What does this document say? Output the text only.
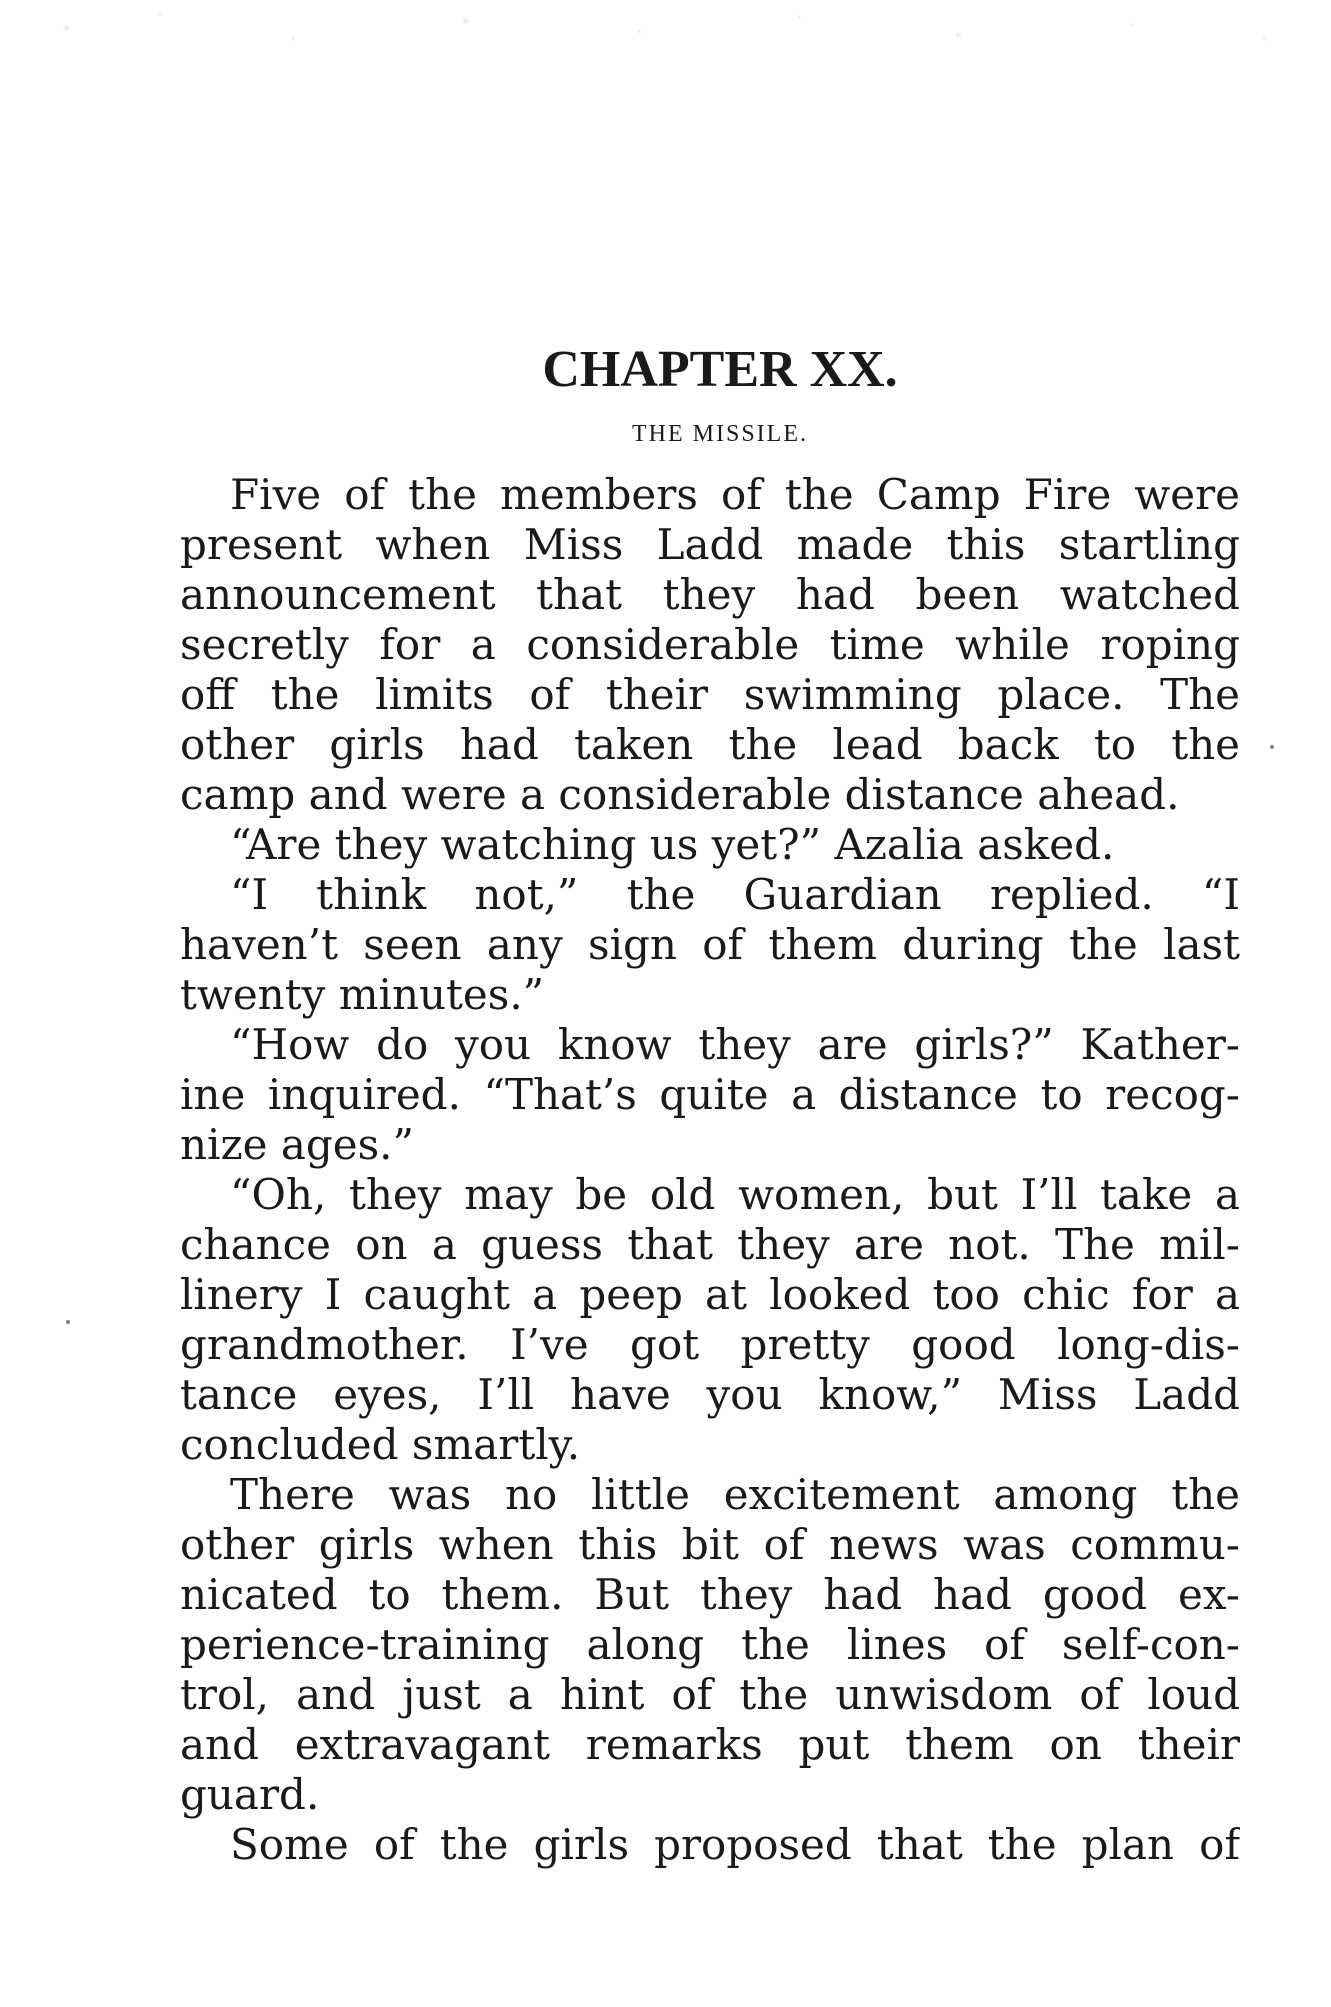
CHAPTER XX.
THE MISSILE.
Five of the members of the Camp Fire were
present when Miss Ladd made this startling
announcement that they had been watched
secretly for a considerable time while roping
off the limits of their swimming place. The
other girls had taken the lead back to the
camp and were a considerable distance ahead.
“Are they watching us yet?” Azalia asked.
“I think not,” the Guardian replied. “I
haven’t seen any sign of them during the last
twenty minutes.”
“How do you know they are girls?” Kather-
ine inquired. “That’s quite a distance to recog-
nize ages.”
“Oh, they may be old women, but I’ll take a
chance on a guess that they are not. The mil-
linery I caught a peep at looked too chic for a
grandmother. I’ve got pretty good long-dis-
tance eyes, I’ll have you know,” Miss Ladd
concluded smartly.
There was no little excitement among the
other girls when this bit of news was commu-
nicated to them. But they had had good ex-
perience-training along the lines of self-con-
trol, and just a hint of the unwisdom of loud
and extravagant remarks put them on their
guard.
Some of the girls proposed that the plan of
